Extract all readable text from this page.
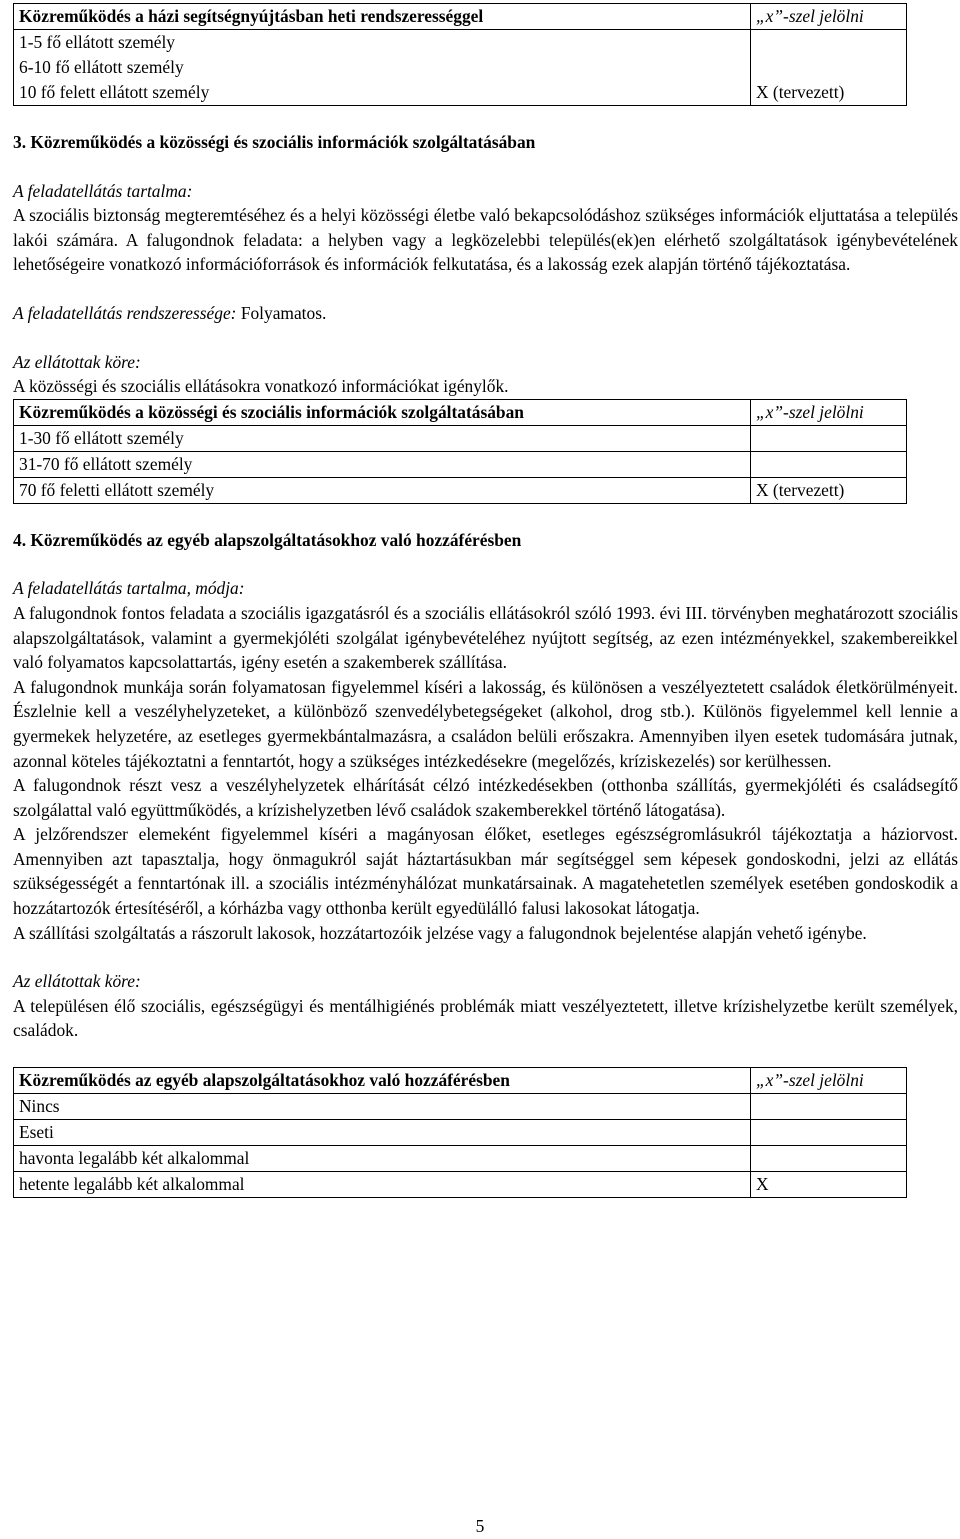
Közreműködés a házi segítségnyújtásban heti rendszerességgel	„x”-szel jelölni

1-5 fő ellátott személy
6-10 fő ellátott személy
10 fő felett ellátott személy	X (tervezett)
3. Közreműködés a közösségi és szociális információk szolgáltatásában
A feladatellátás tartalma:

A szociális biztonság megteremtéséhez és a helyi közösségi életbe való bekapcsolódáshoz szükséges információk eljuttatása a település lakói számára. A falugondnok feladata: a helyben vagy a legközelebbi település(ek)en elérhető szolgáltatások igénybevételének lehetőségeire vonatkozó információforrások és információk felkutatása, és a lakosság ezek alapján történő tájékoztatása.

A feladatellátás rendszeressége: Folyamatos.
Az ellátottak köre:
A közösségi és szociális ellátásokra vonatkozó információkat igénylők.
Közreműködés a közösségi és szociális információk szolgáltatásában	„x”-szel jelölni
1-30 fő ellátott személy	
31-70 fő ellátott személy	
70 fő feletti ellátott személy	X (tervezett)
4. Közreműködés az egyéb alapszolgáltatásokhoz való hozzáférésben
A feladatellátás tartalma, módja:

A falugondnok fontos feladata a szociális igazgatásról és a szociális ellátásokról szóló 1993. évi III. törvényben meghatározott szociális alapszolgáltatások, valamint a gyermekjóléti szolgálat igénybevételéhez nyújtott segítség, az ezen intézményekkel, szakembereikkel való folyamatos kapcsolattartás, igény esetén a szakemberek szállítása.

A falugondnok munkája során folyamatosan figyelemmel kíséri a lakosság, és különösen a veszélyeztetett családok életkörülményeit. Észlelnie kell a veszélyhelyzeteket, a különböző szenvedélybetegségeket (alkohol, drog stb.). Különös figyelemmel kell lennie a gyermekek helyzetére, az esetleges gyermekbántalmazásra, a családon belüli erőszakra. Amennyiben ilyen esetek tudomására jutnak, azonnal köteles tájékoztatni a fenntartót, hogy a szükséges intézkedésekre (megelőzés, kríziskezelés) sor kerülhessen.

A falugondnok részt vesz a veszélyhelyzetek elhárítását célzó intézkedésekben (otthonba szállítás, gyermekjóléti és családsegítő szolgálattal való együttműködés, a krízishelyzetben lévő családok szakemberekkel történő látogatása).

A jelzőrendszer elemeként figyelemmel kíséri a magányosan élőket, esetleges egészségromlásukról tájékoztatja a háziorvost. Amennyiben azt tapasztalja, hogy önmagukról saját háztartásukban már segítséggel sem képesek gondoskodni, jelzi az ellátás szükségességét a fenntartónak ill. a szociális intézményhálózat munkatársainak. A magatehetetlen személyek esetében gondoskodik a hozzátartozók értesítéséről, a kórházba vagy otthonba került egyedülálló falusi lakosokat látogatja.

A szállítási szolgáltatás a rászorult lakosok, hozzátartozóik jelzése vagy a falugondnok bejelentése alapján vehető igénybe.

Az ellátottak köre:

A településen élő szociális, egészségügyi és mentálhigiénés problémák miatt veszélyeztetett, illetve krízishelyzetbe került személyek, családok.

Közreműködés az egyéb alapszolgáltatásokhoz való hozzáférésben	„x”-szel jelölni
Nincs	
Eseti	
havonta legalább két alkalommal	
hetente legalább két alkalommal	X
5
